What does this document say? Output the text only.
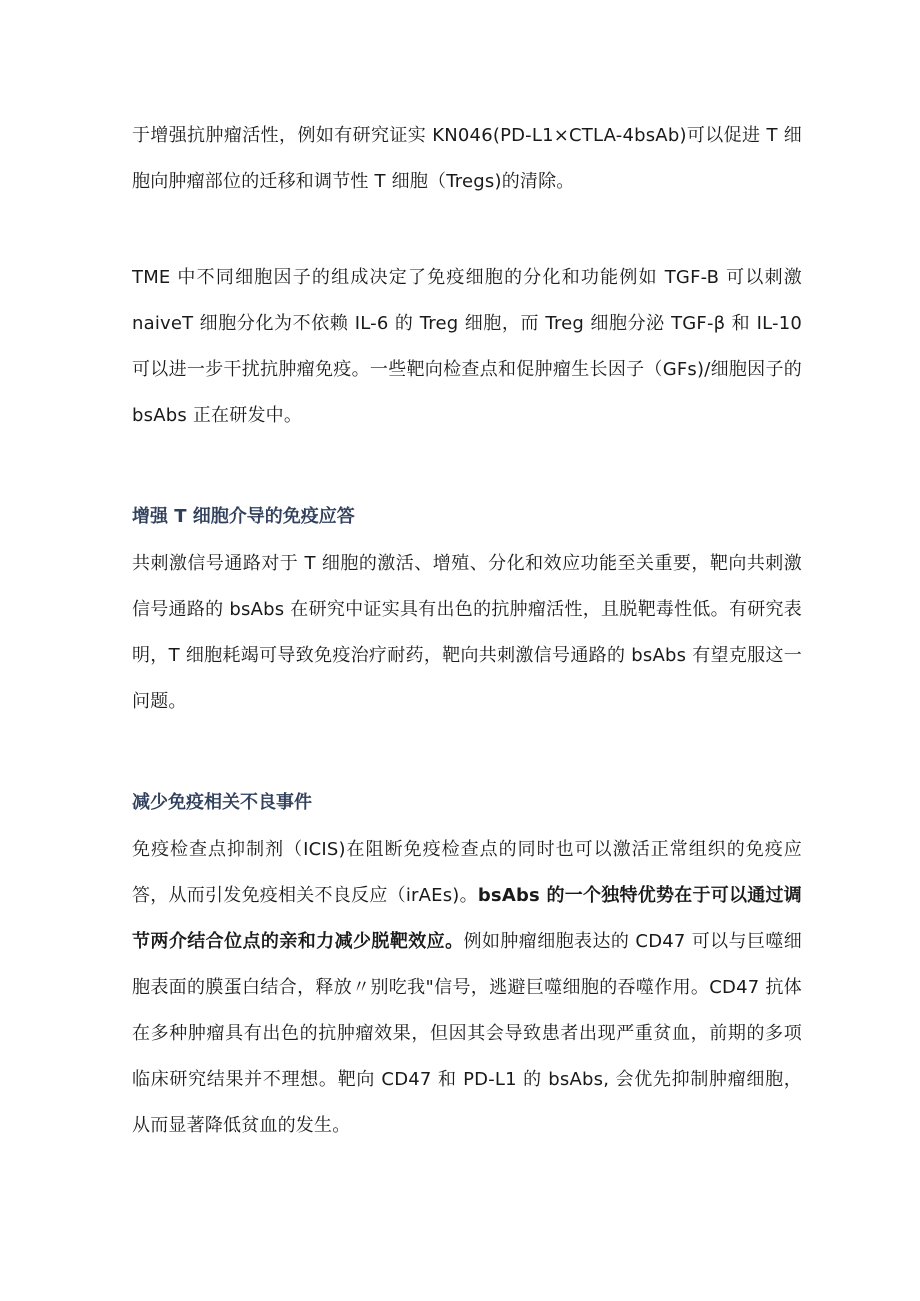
于增强抗肿瘤活性，例如有研究证实 KN046(PD-L1×CTLA-4bsAb)可以促进 T 细胞向肿瘤部位的迁移和调节性 T 细胞（Tregs)的清除。

TME 中不同细胞因子的组成决定了免疫细胞的分化和功能例如 TGF-B 可以刺激 naiveT 细胞分化为不依赖 IL-6 的 Treg 细胞，而 Treg 细胞分泌 TGF-β 和 IL-10 可以进一步干扰抗肿瘤免疫。一些靶向检查点和促肿瘤生长因子（GFs)/细胞因子的 bsAbs 正在研发中。

增强 T 细胞介导的免疫应答

共刺激信号通路对于 T 细胞的激活、增殖、分化和效应功能至关重要，靶向共刺激信号通路的 bsAbs 在研究中证实具有出色的抗肿瘤活性，且脱靶毒性低。有研究表明，T 细胞耗竭可导致免疫治疗耐药，靶向共刺激信号通路的 bsAbs 有望克服这一问题。

减少免疫相关不良事件

免疫检查点抑制剂（ICIS)在阻断免疫检查点的同时也可以激活正常组织的免疫应答，从而引发免疫相关不良反应（irAEs)。bsAbs 的一个独特优势在于可以通过调节两介结合位点的亲和力减少脱靶效应。例如肿瘤细胞表达的 CD47 可以与巨噬细胞表面的膜蛋白结合，释放〃别吃我"信号，逃避巨噬细胞的吞噬作用。CD47 抗体在多种肿瘤具有出色的抗肿瘤效果，但因其会导致患者出现严重贫血，前期的多项临床研究结果并不理想。靶向 CD47 和 PD-L1 的 bsAbs, 会优先抑制肿瘤细胞，从而显著降低贫血的发生。
